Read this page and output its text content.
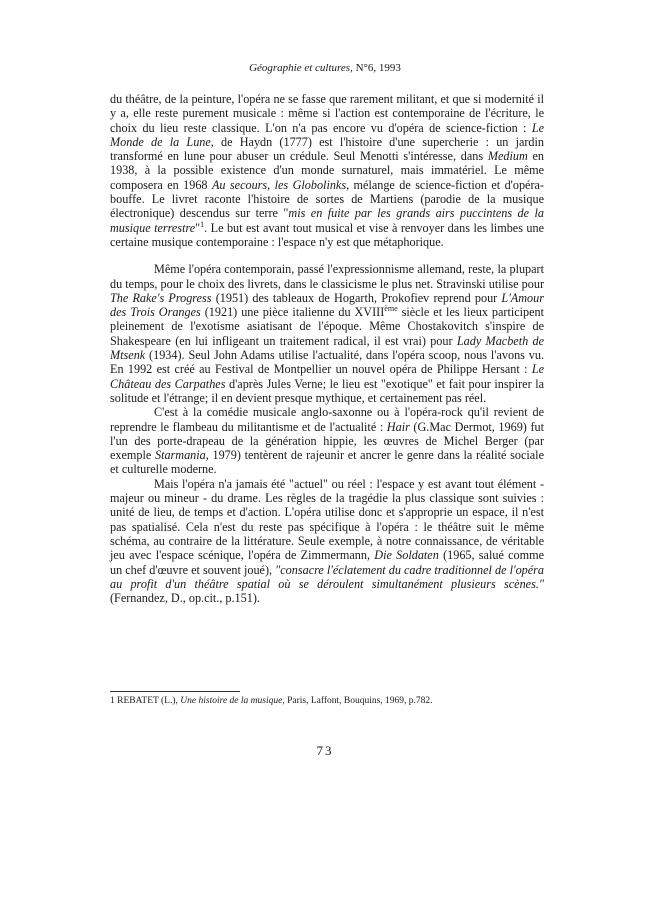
Géographie et cultures, N°6, 1993

du théâtre, de la peinture, l'opéra ne se fasse que rarement militant, et que si modernité il y a, elle reste purement musicale : même si l'action est contemporaine de l'écriture, le choix du lieu reste classique. L'on n'a pas encore vu d'opéra de science-fiction : Le Monde de la Lune, de Haydn (1777) est l'histoire d'une supercherie : un jardin transformé en lune pour abuser un crédule. Seul Menotti s'intéresse, dans Medium en 1938, à la possible existence d'un monde surnaturel, mais immatériel. Le même composera en 1968 Au secours, les Globolinks, mélange de science-fiction et d'opéra-bouffe. Le livret raconte l'histoire de sortes de Martiens (parodie de la musique électronique) descendus sur terre "mis en fuite par les grands airs puccintens de la musique terrestre"$^1$. Le but est avant tout musical et vise à renvoyer dans les limbes une certaine musique contemporaine : l'espace n'y est que métaphorique.

Même l'opéra contemporain, passé l'expressionnisme allemand, reste, la plupart du temps, pour le choix des livrets, dans le classicisme le plus net. Stravinski utilise pour The Rake's Progress (1951) des tableaux de Hogarth, Prokofiev reprend pour L'Amour des Trois Oranges (1921) une pièce italienne du XVIIIème siècle et les lieux participent pleinement de l'exotisme asiatisant de l'époque. Même Chostakovitch s'inspire de Shakespeare (en lui infligeant un traitement radical, il est vrai) pour Lady Macbeth de Mtsenk (1934). Seul John Adams utilise l'actualité, dans l'opéra scoop, nous l'avons vu. En 1992 est créé au Festival de Montpellier un nouvel opéra de Philippe Hersant : Le Château des Carpathes d'après Jules Verne; le lieu est "exotique" et fait pour inspirer la solitude et l'étrange; il en devient presque mythique, et certainement pas réel.

C'est à la comédie musicale anglo-saxonne ou à l'opéra-rock qu'il revient de reprendre le flambeau du militantisme et de l'actualité : Hair (G.Mac Dermot, 1969) fut l'un des porte-drapeau de la génération hippie, les œuvres de Michel Berger (par exemple Starmania, 1979) tentèrent de rajeunir et ancrer le genre dans la réalité sociale et culturelle moderne.

Mais l'opéra n'a jamais été "actuel" ou réel : l'espace y est avant tout élément - majeur ou mineur - du drame. Les règles de la tragédie la plus classique sont suivies : unité de lieu, de temps et d'action. L'opéra utilise donc et s'approprie un espace, il n'est pas spatialisé. Cela n'est du reste pas spécifique à l'opéra : le théâtre suit le même schéma, au contraire de la littérature. Seule exemple, à notre connaissance, de véritable jeu avec l'espace scénique, l'opéra de Zimmermann, Die Soldaten (1965, salué comme un chef d'œuvre et souvent joué), "consacre l'éclatement du cadre traditionnel de l'opéra au profit d'un théâtre spatial où se déroulent simultanément plusieurs scènes." (Fernandez, D., op.cit., p.151).

1 REBATET (L.), Une histoire de la musique, Paris, Laffont, Bouquins, 1969, p.782.
73
